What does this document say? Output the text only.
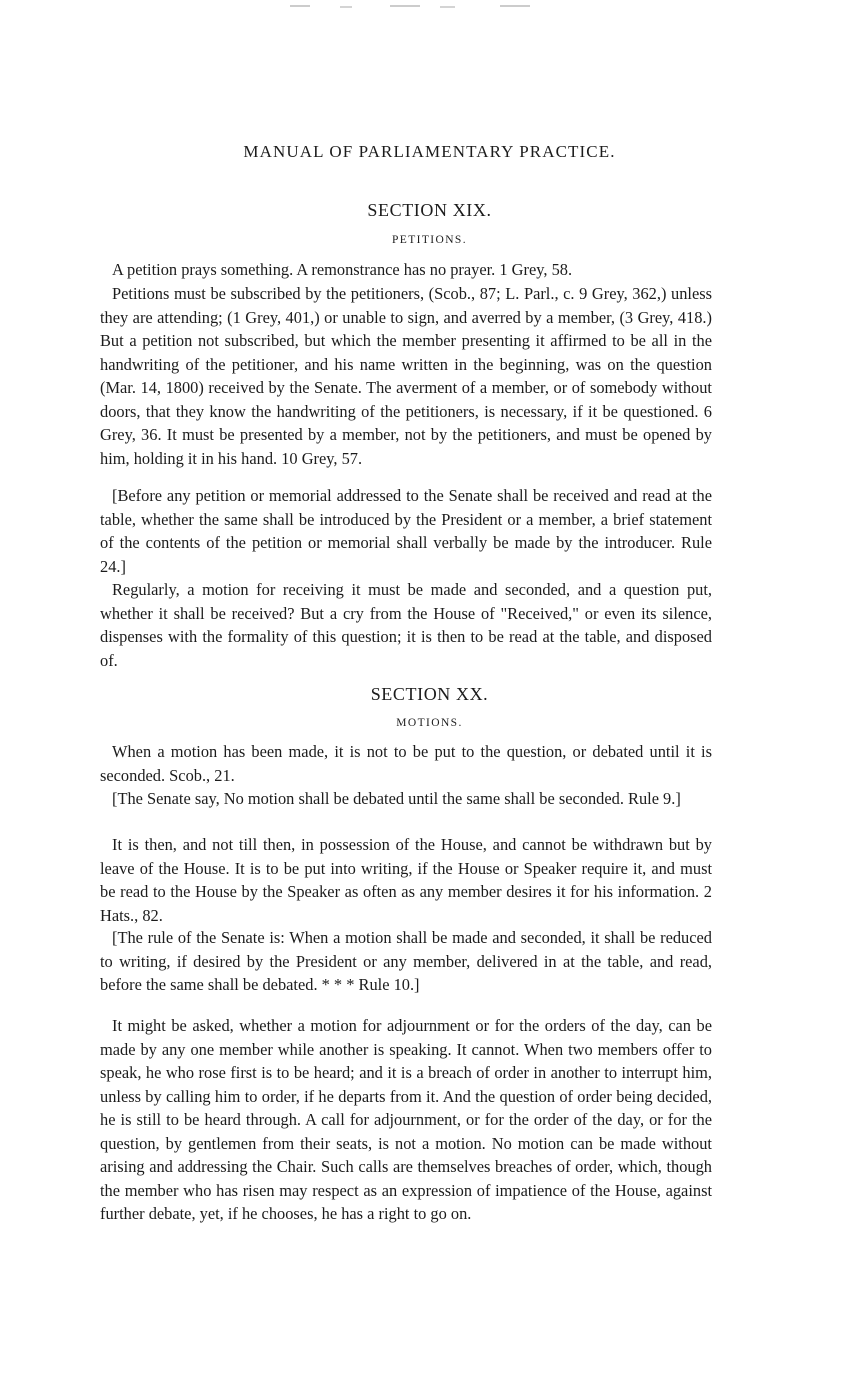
MANUAL OF PARLIAMENTARY PRACTICE.
SECTION XIX.
PETITIONS.

A petition prays something. A remonstrance has no prayer. 1 Grey, 58.

Petitions must be subscribed by the petitioners, (Scob., 87; L. Parl., c. 9 Grey, 362,) unless they are attending; (1 Grey, 401,) or unable to sign, and averred by a member, (3 Grey, 418.) But a petition not subscribed, but which the member presenting it affirmed to be all in the handwriting of the petitioner, and his name written in the beginning, was on the question (Mar. 14, 1800) received by the Senate. The averment of a member, or of somebody without doors, that they know the handwriting of the petitioners, is necessary, if it be questioned. 6 Grey, 36. It must be presented by a member, not by the petitioners, and must be opened by him, holding it in his hand. 10 Grey, 57.

[Before any petition or memorial addressed to the Senate shall be received and read at the table, whether the same shall be introduced by the President or a member, a brief statement of the contents of the petition or memorial shall verbally be made by the introducer. Rule 24.]

Regularly, a motion for receiving it must be made and seconded, and a question put, whether it shall be received? But a cry from the House of "Received," or even its silence, dispenses with the formality of this question; it is then to be read at the table, and disposed of.

SECTION XX.
MOTIONS.

When a motion has been made, it is not to be put to the question, or debated until it is seconded. Scob., 21.

[The Senate say, No motion shall be debated until the same shall be seconded. Rule 9.]

It is then, and not till then, in possession of the House, and cannot be withdrawn but by leave of the House. It is to be put into writing, if the House or Speaker require it, and must be read to the House by the Speaker as often as any member desires it for his information. 2 Hats., 82.

[The rule of the Senate is: When a motion shall be made and seconded, it shall be reduced to writing, if desired by the President or any member, delivered in at the table, and read, before the same shall be debated. * * * Rule 10.]

It might be asked, whether a motion for adjournment or for the orders of the day, can be made by any one member while another is speaking. It cannot. When two members offer to speak, he who rose first is to be heard; and it is a breach of order in another to interrupt him, unless by calling him to order, if he departs from it. And the question of order being decided, he is still to be heard through. A call for adjournment, or for the order of the day, or for the question, by gentlemen from their seats, is not a motion. No motion can be made without arising and addressing the Chair. Such calls are themselves breaches of order, which, though the member who has risen may respect as an expression of impatience of the House, against further debate, yet, if he chooses, he has a right to go on.
